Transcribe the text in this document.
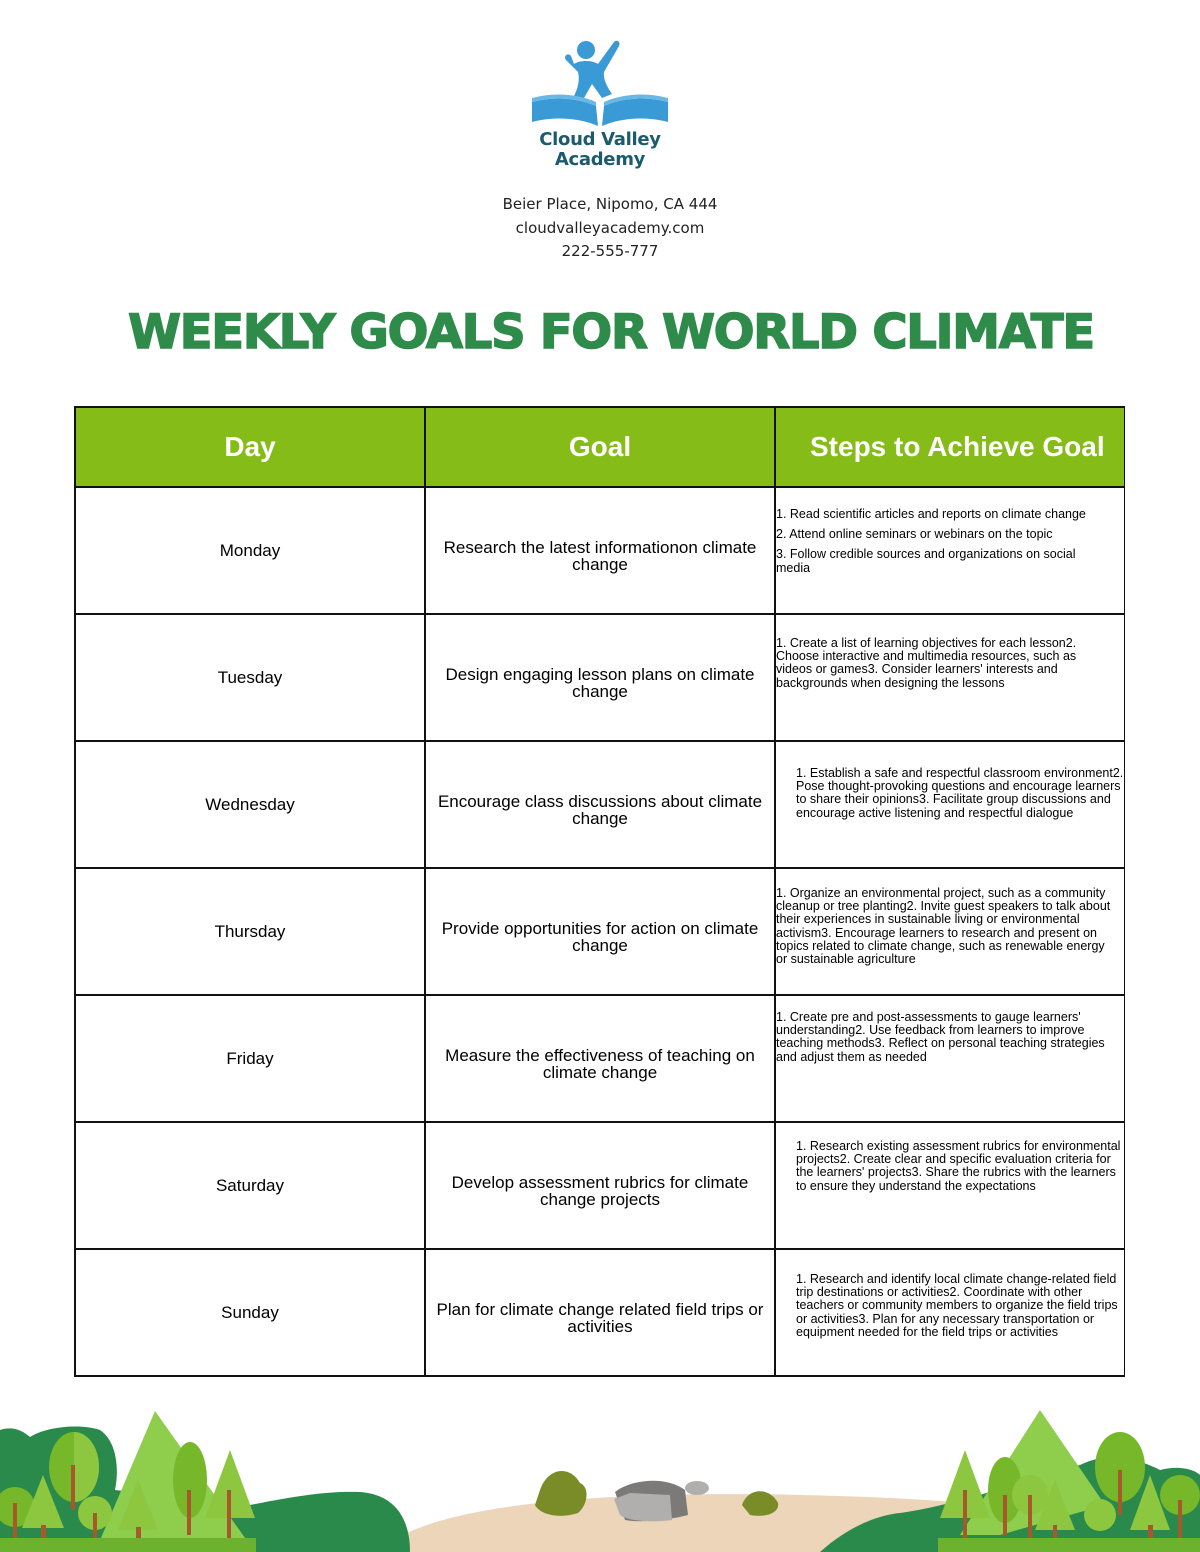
Cloud Valley
Academy
Beier Place, Nipomo, CA 444
cloudvalleyacademy.com
222-555-777
WEEKLY GOALS FOR WORLD CLIMATE
Day	Goal	Steps to Achieve Goal
Monday	Research the latest informationon climate change	1. Read scientific articles and reports on climate change
2. Attend online seminars or webinars on the topic
3. Follow credible sources and organizations on social media

Tuesday	Design engaging lesson plans on climate change	1. Create a list of learning objectives for each lesson2. Choose interactive and multimedia resources, such as videos or games3. Consider learners' interests and backgrounds when designing the lessons

Wednesday	Encourage class discussions about climate change	1. Establish a safe and respectful classroom environment2. Pose thought-provoking questions and encourage learners to share their opinions3. Facilitate group discussions and encourage active listening and respectful dialogue

Thursday	Provide opportunities for action on climate change	1. Organize an environmental project, such as a community cleanup or tree planting2. Invite guest speakers to talk about their experiences in sustainable living or environmental activism3. Encourage learners to research and present on topics related to climate change, such as renewable energy or sustainable agriculture

Friday	Measure the effectiveness of teaching on climate change	1. Create pre and post-assessments to gauge learners' understanding2. Use feedback from learners to improve teaching methods3. Reflect on personal teaching strategies and adjust them as needed

Saturday	Develop assessment rubrics for climate change projects	1. Research existing assessment rubrics for environmental projects2. Create clear and specific evaluation criteria for the learners' projects3. Share the rubrics with the learners to ensure they understand the expectations

Sunday	Plan for climate change related field trips or activities	1. Research and identify local climate change-related field trip destinations or activities2. Coordinate with other teachers or community members to organize the field trips or activities3. Plan for any necessary transportation or equipment needed for the field trips or activities
